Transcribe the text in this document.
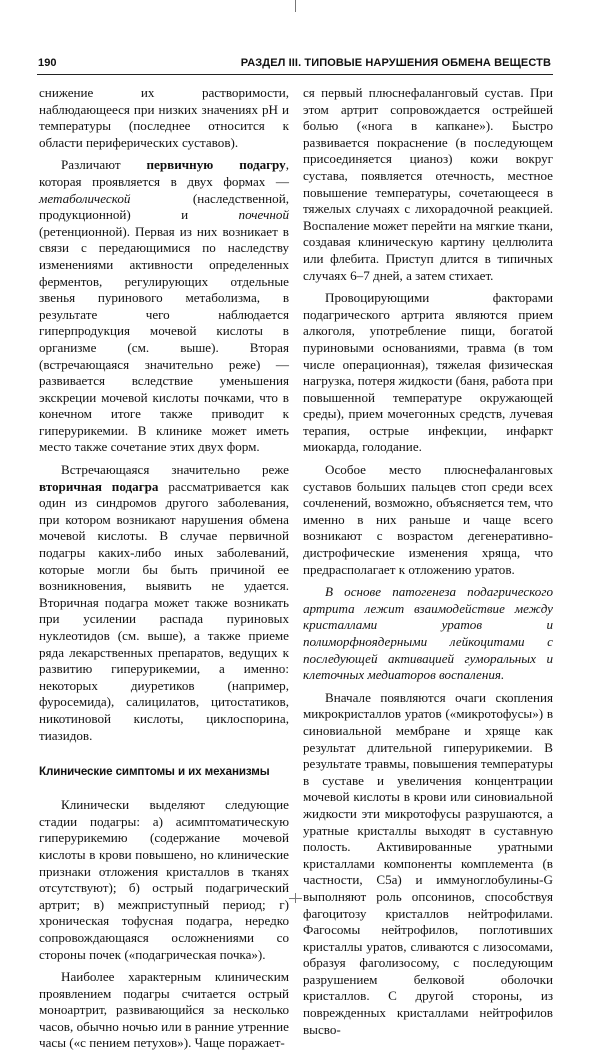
190	РАЗДЕЛ III. ТИПОВЫЕ НАРУШЕНИЯ ОБМЕНА ВЕЩЕСТВ

снижение их растворимости, наблюдающееся при низких значениях pH и температуры (последнее относится к области периферических суставов).

Различают первичную подагру, которая проявляется в двух формах — метаболической (наследственной, продукционной) и почечной (ретенционной). Первая из них возникает в связи с передающимися по наследству изменениями активности определенных ферментов, регулирующих отдельные звенья пуринового метаболизма, в результате чего наблюдается гиперпродукция мочевой кислоты в организме (см. выше). Вторая (встречающаяся значительно реже) — развивается вследствие уменьшения экскреции мочевой кислоты почками, что в конечном итоге также приводит к гиперурикемии. В клинике может иметь место также сочетание этих двух форм.

Встречающаяся значительно реже вторичная подагра рассматривается как один из синдромов другого заболевания, при котором возникают нарушения обмена мочевой кислоты. В случае первичной подагры каких-либо иных заболеваний, которые могли бы быть причиной ее возникновения, выявить не удается. Вторичная подагра может также возникать при усилении распада пуриновых нуклеотидов (см. выше), а также приеме ряда лекарственных препаратов, ведущих к развитию гиперурикемии, а именно: некоторых диуретиков (например, фуросемида), салицилатов, цитостатиков, никотиновой кислоты, циклоспорина, тиазидов.

Клинические симптомы и их механизмы

Клинически выделяют следующие стадии подагры: а) асимптоматическую гиперурикемию (содержание мочевой кислоты в крови повышено, но клинические признаки отложения кристаллов в тканях отсутствуют); б) острый подагрический артрит; в) межприступный период; г) хроническая тофусная подагра, нередко сопровождающаяся осложнениями со стороны почек («подагрическая почка»).

Наиболее характерным клиническим проявлением подагры считается острый моноартрит, развивающийся за несколько часов, обычно ночью или в ранние утренние часы («с пением петухов»). Чаще поражает-

ся первый плюснефаланговый сустав. При этом артрит сопровождается острейшей болью («нога в капкане»). Быстро развивается покраснение (в последующем присоединяется цианоз) кожи вокруг сустава, появляется отечность, местное повышение температуры, сочетающееся в тяжелых случаях с лихорадочной реакцией. Воспаление может перейти на мягкие ткани, создавая клиническую картину целлюлита или флебита. Приступ длится в типичных случаях 6–7 дней, а затем стихает.

Провоцирующими факторами подагрического артрита являются прием алкоголя, употребление пищи, богатой пуриновыми основаниями, травма (в том числе операционная), тяжелая физическая нагрузка, потеря жидкости (баня, работа при повышенной температуре окружающей среды), прием мочегонных средств, лучевая терапия, острые инфекции, инфаркт миокарда, голодание.

Особое место плюснефаланговых суставов больших пальцев стоп среди всех сочленений, возможно, объясняется тем, что именно в них раньше и чаще всего возникают с возрастом дегенеративно-дистрофические изменения хряща, что предрасполагает к отложению уратов.

В основе патогенеза подагрического артрита лежит взаимодействие между кристаллами уратов и полиморфноядерными лейкоцитами с последующей активацией гуморальных и клеточных медиаторов воспаления.

Вначале появляются очаги скопления микрокристаллов уратов («микротофусы») в синовиальной мембране и хряще как результат длительной гиперурикемии. В результате травмы, повышения температуры в суставе и увеличения концентрации мочевой кислоты в крови или синовиальной жидкости эти микротофусы разрушаются, а уратные кристаллы выходят в суставную полость. Активированные уратными кристаллами компоненты комплемента (в частности, C5a) и иммуноглобулины-G выполняют роль опсонинов, способствуя фагоцитозу кристаллов нейтрофилами. Фагосомы нейтрофилов, поглотивших кристаллы уратов, сливаются с лизосомами, образуя фаголизосому, с последующим разрушением белковой оболочки кристаллов. С другой стороны, из поврежденных кристаллами нейтрофилов высво-
